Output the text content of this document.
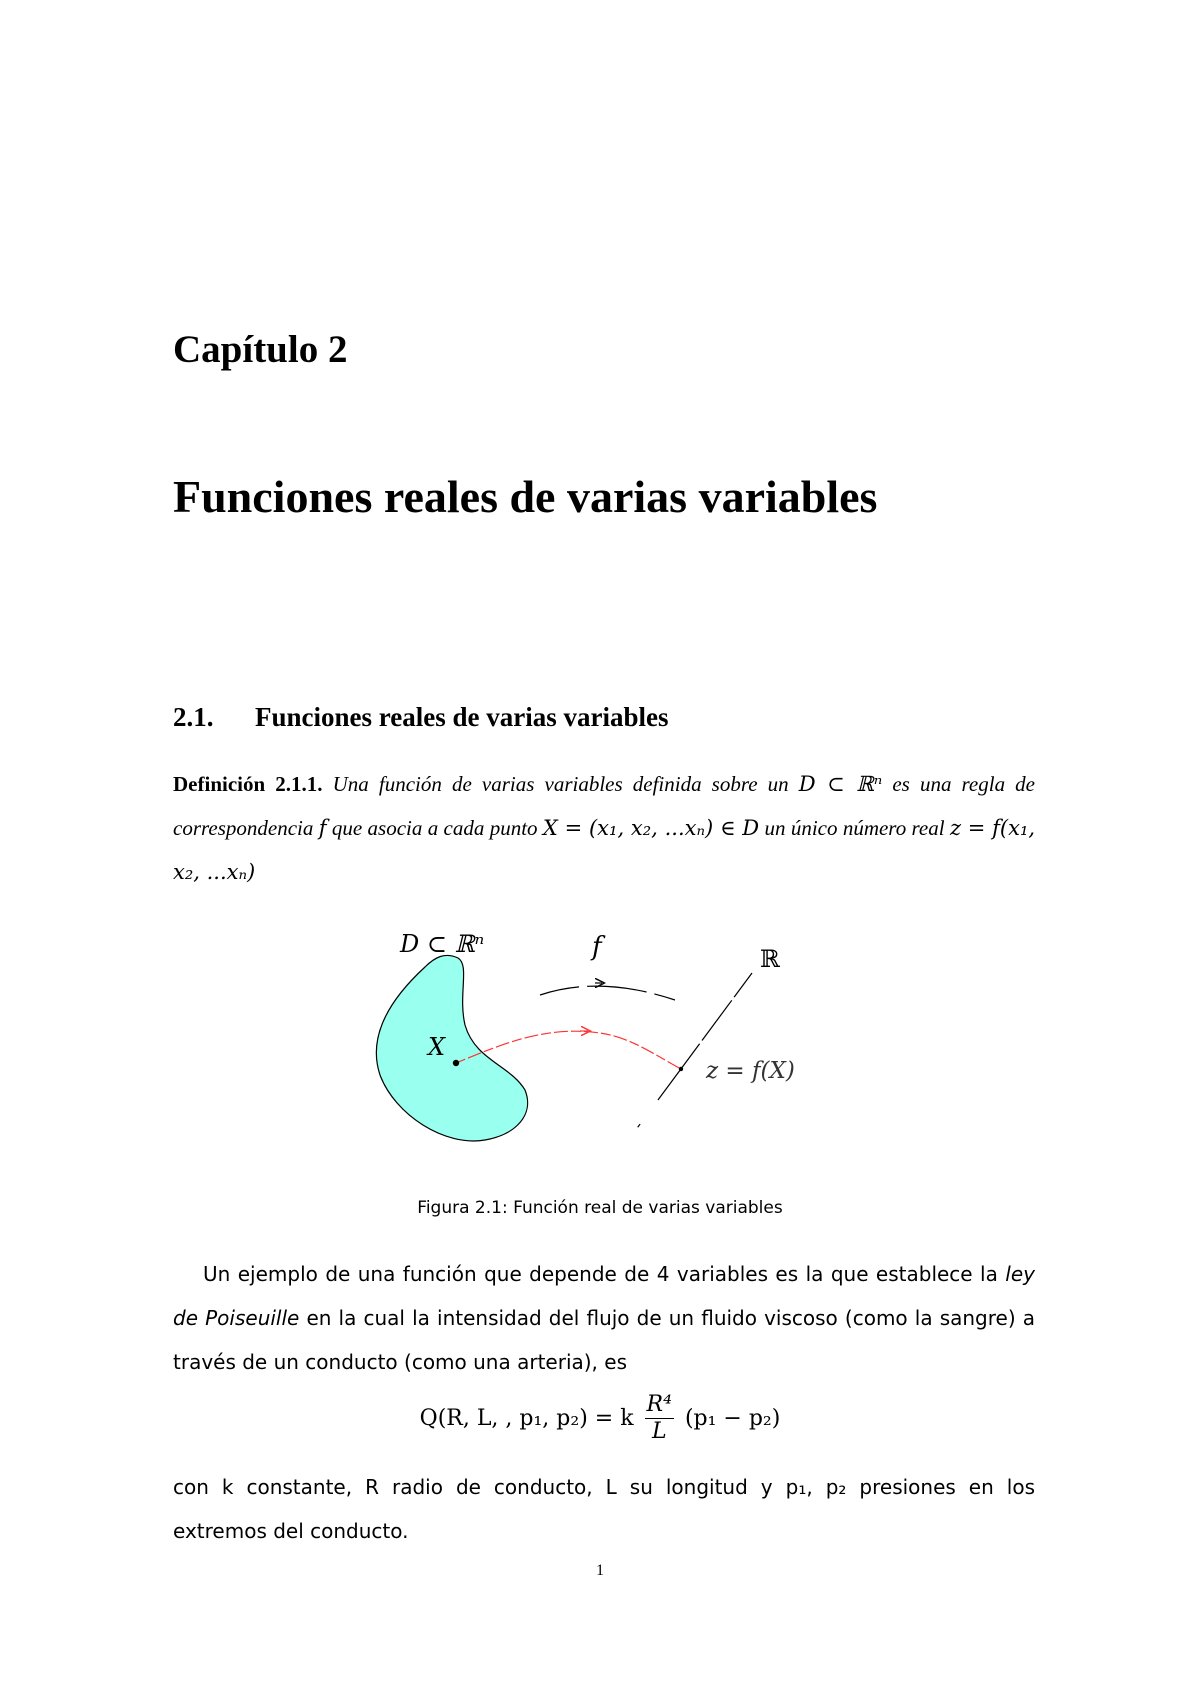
Capítulo 2
Funciones reales de varias variables
2.1. Funciones reales de varias variables

Definición 2.1.1. Una función de varias variables definida sobre un D ⊂ ℝⁿ es una regla de correspondencia f que asocia a cada punto X = (x₁, x₂, ...xₙ) ∈ D un único número real z = f(x₁, x₂, ...xₙ)

D ⊂ ℝⁿ	f	ℝ
X
z = f(X)

Figura 2.1: Función real de varias variables

Un ejemplo de una función que depende de 4 variables es la que establece la ley de Poiseuille en la cual la intensidad del flujo de un fluido viscoso (como la sangre) a través de un conducto (como una arteria), es

Q(R, L, , p₁, p₂) = k $\frac{\text{R⁴}}{L} (p_1 - p_2)$

con k constante, R radio de conducto, L su longitud y p₁, p₂ presiones en los extremos del conducto.

1
